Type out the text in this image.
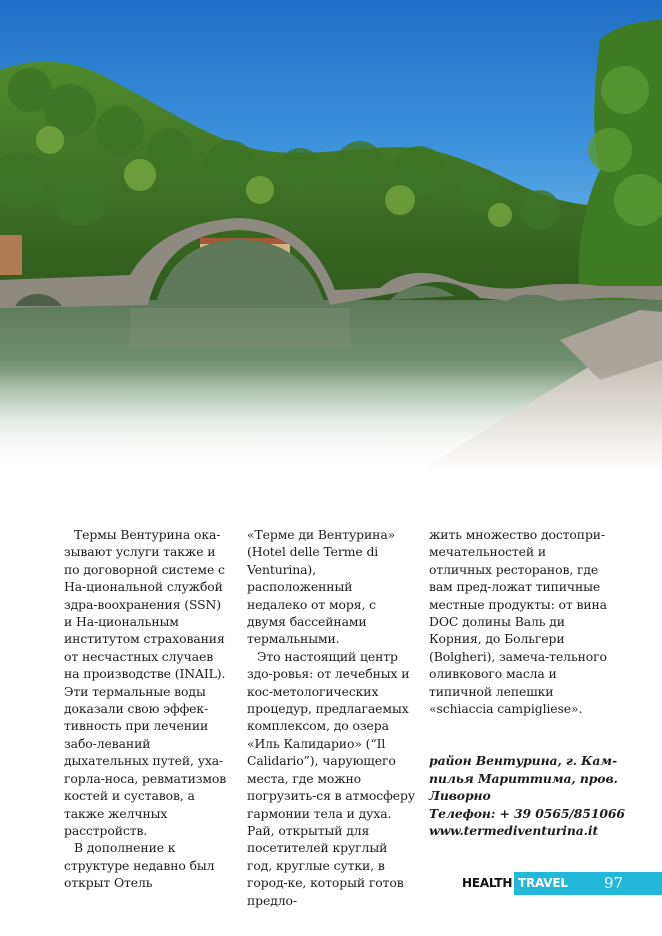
Термы Вентурина ока-зывают услуги также и по договорной системе с На-циональной службой здра-воохранения (SSN) и На-циональным институтом страхования от несчастных случаев на производстве (INAIL). Эти термальные воды доказали свою эффек-тивность при лечении забо-леваний дыхательных путей, уха-горла-носа, ревматизмов костей и суставов, а также желчных расстройств.

В дополнение к структуре недавно был открыт Отель

«Терме ди Вентурина» (Hotel delle Terme di Venturina), расположенный недалеко от моря, с двумя бассейнами термальными.

Это настоящий центр здо-ровья: от лечебных и кос-метологических процедур, предлагаемых комплексом, до озера «Иль Калидарио» (“Il Calidario”), чарующего места, где можно погрузить-ся в атмосферу гармонии тела и духа. Рай, открытый для посетителей круглый год, круглые сутки, в город-ке, который готов предло-

жить множество достопри-мечательностей и отличных ресторанов, где вам пред-ложат типичные местные продукты: от вина DOC долины Валь ди Корния, до Больгери (Bolgheri), замеча-тельного оливкового масла и типичной лепешки «schiaccia campigliese».

район Вентурина, г. Кам-
пилья Мариттима, пров.
Ливорно
Телефон: + 39 0565/851066
www.termediventurina.it
HEALTH TRAVEL 97
